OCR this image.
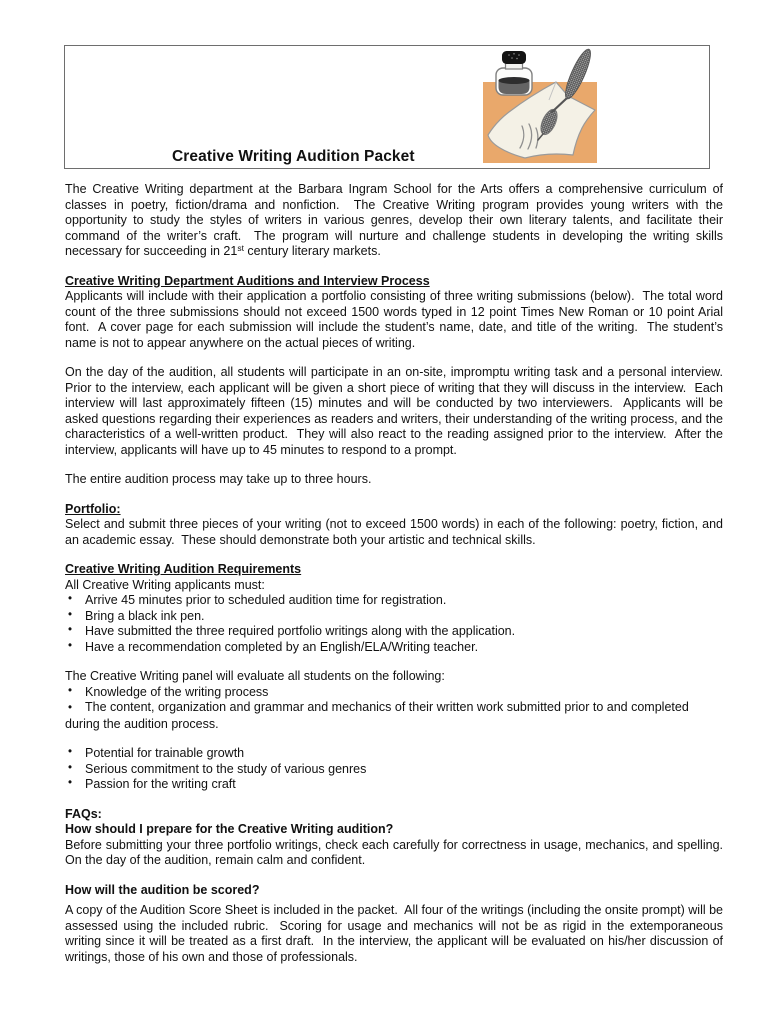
Creative Writing Audition Packet

The Creative Writing department at the Barbara Ingram School for the Arts offers a comprehensive curriculum of classes in poetry, fiction/drama and nonfiction.  The Creative Writing program provides young writers with the opportunity to study the styles of writers in various genres, develop their own literary talents, and facilitate their command of the writer’s craft.  The program will nurture and challenge students in developing the writing skills necessary for succeeding in 21st century literary markets.

Creative Writing Department Auditions and Interview Process

Applicants will include with their application a portfolio consisting of three writing submissions (below).  The total word count of the three submissions should not exceed 1500 words typed in 12 point Times New Roman or 10 point Arial font.  A cover page for each submission will include the student’s name, date, and title of the writing.  The student’s name is not to appear anywhere on the actual pieces of writing.

On the day of the audition, all students will participate in an on-site, impromptu writing task and a personal interview. Prior to the interview, each applicant will be given a short piece of writing that they will discuss in the interview.  Each interview will last approximately fifteen (15) minutes and will be conducted by two interviewers.  Applicants will be asked questions regarding their experiences as readers and writers, their understanding of the writing process, and the characteristics of a well-written product.  They will also react to the reading assigned prior to the interview.  After the interview, applicants will have up to 45 minutes to respond to a prompt.

The entire audition process may take up to three hours.

Portfolio:

Select and submit three pieces of your writing (not to exceed 1500 words) in each of the following: poetry, fiction, and an academic essay.  These should demonstrate both your artistic and technical skills.

Creative Writing Audition Requirements

All Creative Writing applicants must:

• Arrive 45 minutes prior to scheduled audition time for registration.
• Bring a black ink pen.
• Have submitted the three required portfolio writings along with the application.
• Have a recommendation completed by an English/ELA/Writing teacher.

The Creative Writing panel will evaluate all students on the following:

• Knowledge of the writing process

• The content, organization and grammar and mechanics of their written work submitted prior to and completed during the audition process.

• Potential for trainable growth
• Serious commitment to the study of various genres
• Passion for the writing craft

FAQs:

How should I prepare for the Creative Writing audition?

Before submitting your three portfolio writings, check each carefully for correctness in usage, mechanics, and spelling. On the day of the audition, remain calm and confident.

How will the audition be scored?

A copy of the Audition Score Sheet is included in the packet.  All four of the writings (including the onsite prompt) will be assessed using the included rubric.  Scoring for usage and mechanics will not be as rigid in the extemporaneous writing since it will be treated as a first draft.  In the interview, the applicant will be evaluated on his/her discussion of writings, those of his own and those of professionals.
